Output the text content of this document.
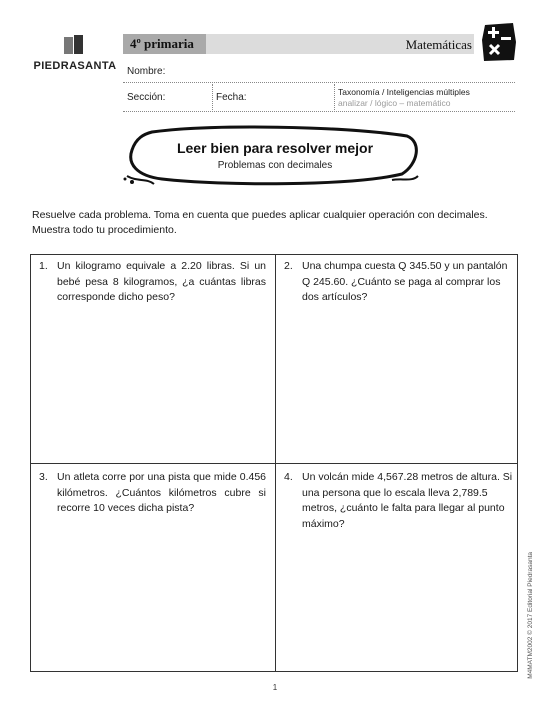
PIEDRASANTA
4º primaria	Matemáticas
Nombre:
Sección:	Fecha:	Taxonomía / Inteligencias múltiples
analizar / lógico – matemático
Leer bien para resolver mejor
Problemas con decimales
Resuelve cada problema. Toma en cuenta que puedes aplicar cualquier operación con decimales. Muestra todo tu procedimiento.
1. Un kilogramo equivale a 2.20 libras. Si un bebé pesa 8 kilogramos, ¿a cuántas libras corresponde dicho peso?
2. Una chumpa cuesta Q 345.50 y un pantalón Q 245.60. ¿Cuánto se paga al comprar los dos artículos?
3. Un atleta corre por una pista que mide 0.456 kilómetros. ¿Cuántos kilómetros cubre si recorre 10 veces dicha pista?
4. Un volcán mide 4,567.28 metros de altura. Si una persona que lo escala lleva 2,789.5 metros, ¿cuánto le falta para llegar al punto máximo?
M4MATM2002 © 2017 Editorial Piedrasanta
1
